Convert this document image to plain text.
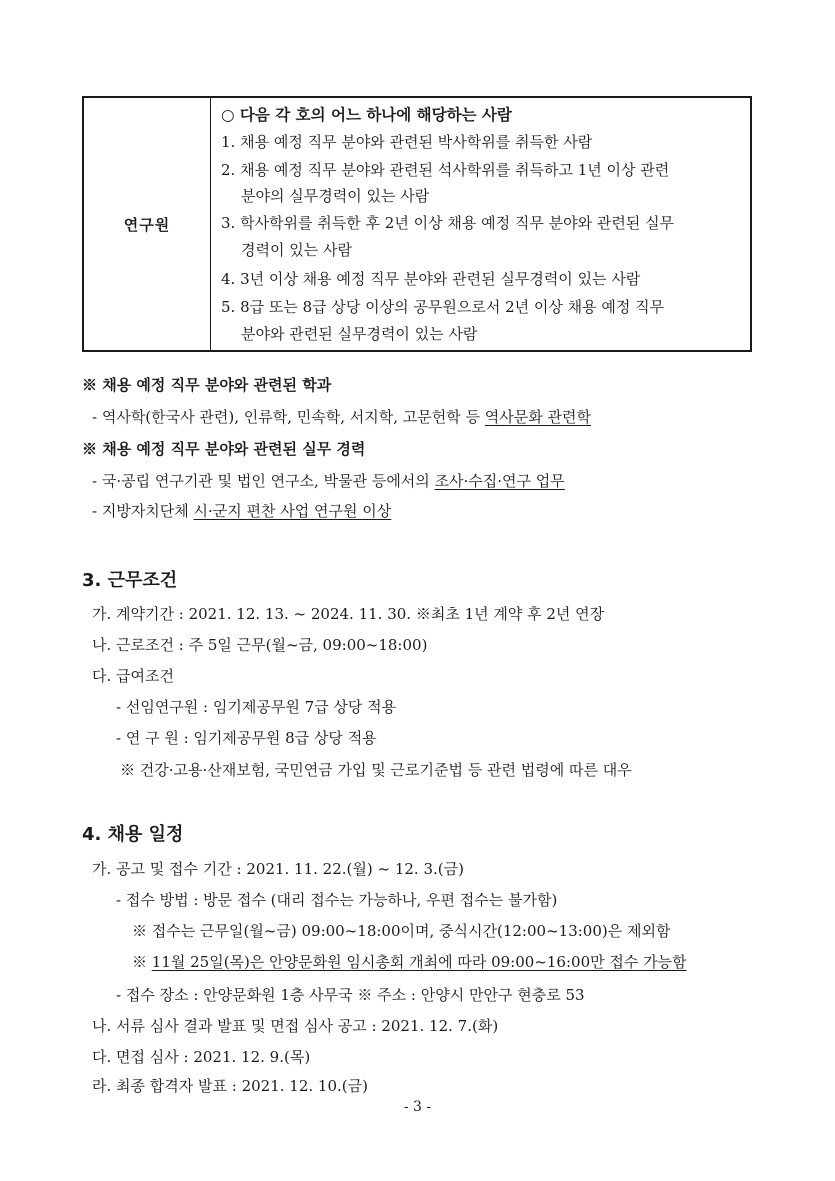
연구원
○ 다음 각 호의 어느 하나에 해당하는 사람
1. 채용 예정 직무 분야와 관련된 박사학위를 취득한 사람
2. 채용 예정 직무 분야와 관련된 석사학위를 취득하고 1년 이상 관련
분야의 실무경력이 있는 사람
3. 학사학위를 취득한 후 2년 이상 채용 예정 직무 분야와 관련된 실무
경력이 있는 사람
4. 3년 이상 채용 예정 직무 분야와 관련된 실무경력이 있는 사람
5. 8급 또는 8급 상당 이상의 공무원으로서 2년 이상 채용 예정 직무
분야와 관련된 실무경력이 있는 사람
※ 채용 예정 직무 분야와 관련된 학과
- 역사학(한국사 관련), 인류학, 민속학, 서지학, 고문헌학 등 역사문화 관련학
※ 채용 예정 직무 분야와 관련된 실무 경력
- 국·공립 연구기관 및 법인 연구소, 박물관 등에서의 조사·수집·연구 업무
- 지방자치단체 시·군지 편찬 사업 연구원 이상
3. 근무조건
가. 계약기간 : 2021. 12. 13. ~ 2024. 11. 30. ※최초 1년 계약 후 2년 연장
나. 근로조건 : 주 5일 근무(월~금, 09:00~18:00)
다. 급여조건
- 선임연구원 : 임기제공무원 7급 상당 적용
- 연 구 원 : 임기제공무원 8급 상당 적용
※ 건강·고용·산재보험, 국민연금 가입 및 근로기준법 등 관련 법령에 따른 대우
4. 채용 일정
가. 공고 및 접수 기간 : 2021. 11. 22.(월) ~ 12. 3.(금)
- 접수 방법 : 방문 접수 (대리 접수는 가능하나, 우편 접수는 불가함)
※ 접수는 근무일(월~금) 09:00~18:00이며, 중식시간(12:00~13:00)은 제외함
※ 11월 25일(목)은 안양문화원 임시총회 개최에 따라 09:00~16:00만 접수 가능함
- 접수 장소 : 안양문화원 1층 사무국 ※ 주소 : 안양시 만안구 현충로 53
나. 서류 심사 결과 발표 및 면접 심사 공고 : 2021. 12. 7.(화)
다. 면접 심사 : 2021. 12. 9.(목)
라. 최종 합격자 발표 : 2021. 12. 10.(금)
- 3 -
